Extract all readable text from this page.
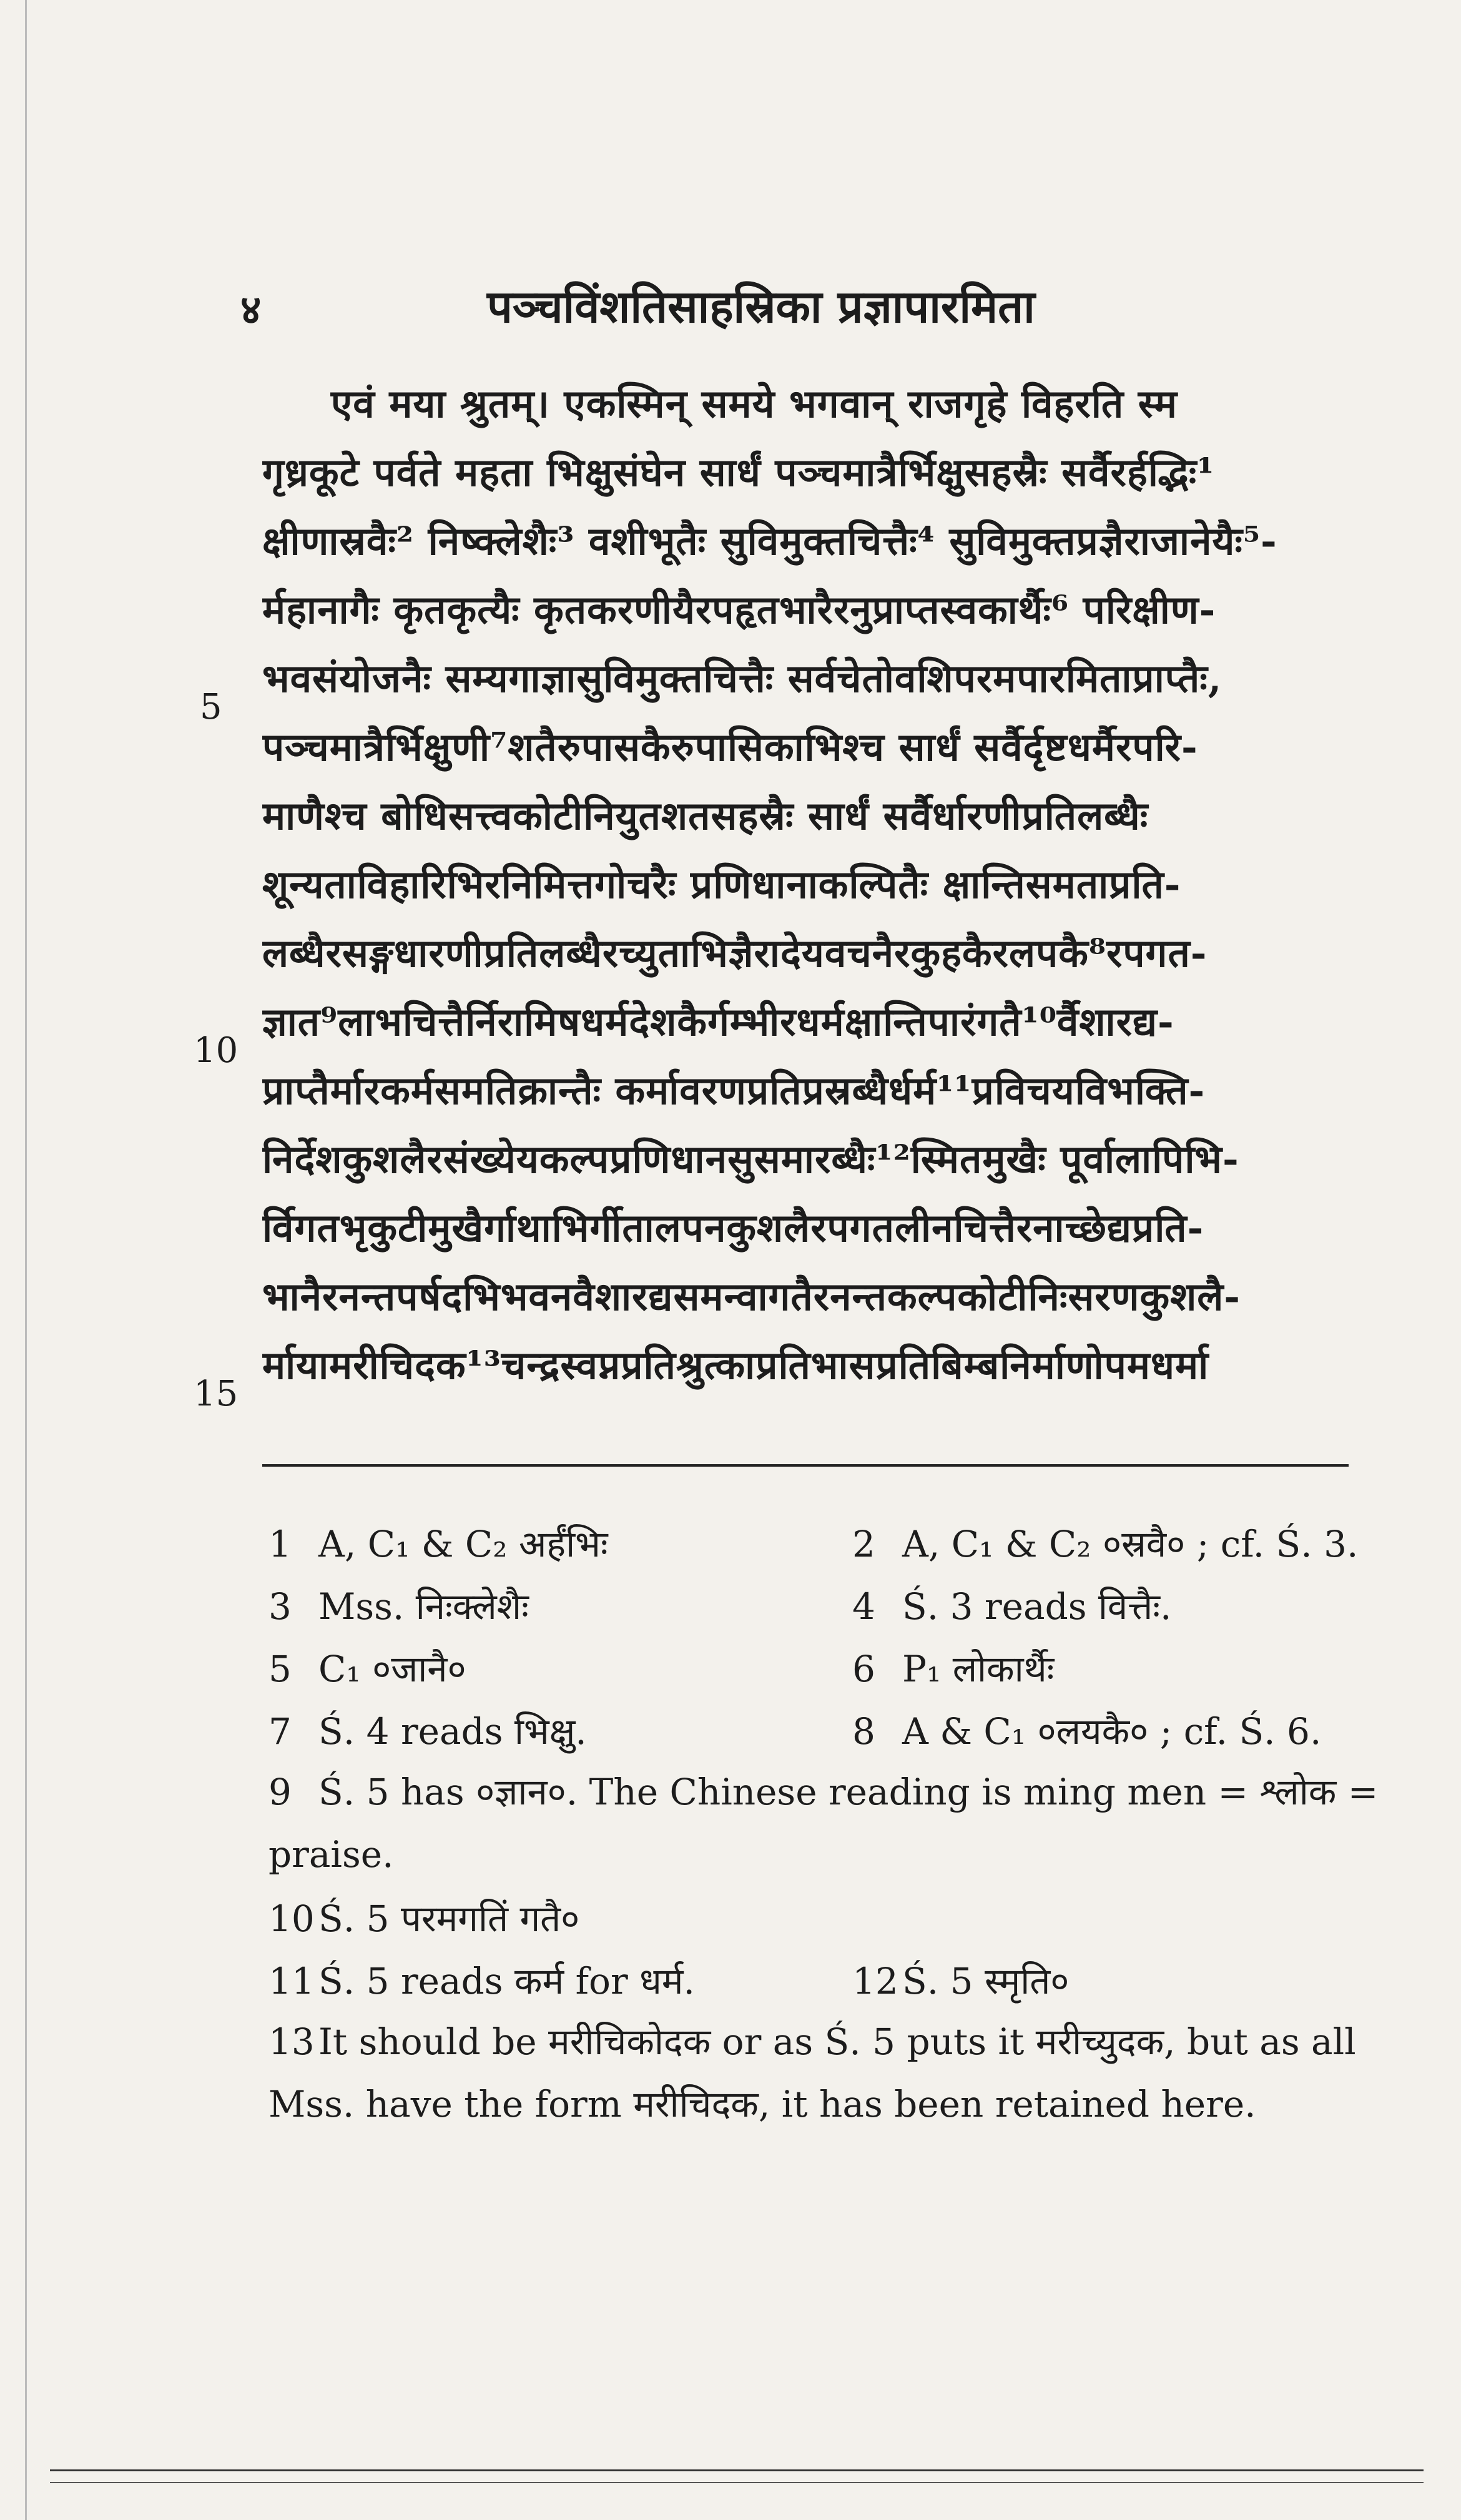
४	पञ्चविंशतिसाहस्रिका प्रज्ञापारमिता
एवं मया श्रुतम्। एकस्मिन् समये भगवान् राजगृहे विहरति स्म
गृध्रकूटे पर्वते महता भिक्षुसंघेन सार्धं पञ्चमात्रैर्भिक्षुसहस्रैः सर्वैरर्हद्भिः¹
क्षीणास्रवैः² निष्क्लेशैः³ वशीभूतैः सुविमुक्तचित्तैः⁴ सुविमुक्तप्रज्ञैराजानेयैः⁵-
र्महानागैः कृतकृत्यैः कृतकरणीयैरपहृतभारैरनुप्राप्तस्वकार्थैः⁶ परिक्षीण-
भवसंयोजनैः सम्यगाज्ञासुविमुक्तचित्तैः सर्वचेतोवशिपरमपारमिताप्राप्तैः,
पञ्चमात्रैर्भिक्षुणी⁷शतैरुपासकैरुपासिकाभिश्च सार्धं सर्वैर्दृष्टधर्मैरपरि-
माणैश्च बोधिसत्त्वकोटीनियुतशतसहस्रैः सार्धं सर्वैर्धारणीप्रतिलब्धैः
शून्यताविहारिभिरनिमित्तगोचरैः प्रणिधानाकल्पितैः क्षान्तिसमताप्रति-
लब्धैरसङ्गधारणीप्रतिलब्धैरच्युताभिज्ञैरादेयवचनैरकुहकैरलपकै⁸रपगत-
ज्ञात⁹लाभचित्तैर्निरामिषधर्मदेशकैर्गम्भीरधर्मक्षान्तिपारंगतै¹⁰र्वैशारद्य-
प्राप्तैर्मारकर्मसमतिक्रान्तैः कर्मावरणप्रतिप्रस्रब्धैर्धर्म¹¹प्रविचयविभक्ति-
निर्देशकुशलैरसंख्येयकल्पप्रणिधानसुसमारब्धैः¹²स्मितमुखैः पूर्वालापिभि-
र्विगतभृकुटीमुखैर्गाथाभिर्गीतालपनकुशलैरपगतलीनचित्तैरनाच्छेद्यप्रति-
भानैरनन्तपर्षदभिभवनवैशारद्यसमन्वागतैरनन्तकल्पकोटीनिःसरणकुशलै-
र्मायामरीचिदक¹³चन्द्रस्वप्नप्रतिश्रुत्काप्रतिभासप्रतिबिम्बनिर्माणोपमधर्मा
5
10
15
1 A, C₁ & C₂ अर्हंभिः	2 A, C₁ & C₂ ०स्रवै० ; cf. Ś. 3.
3 Mss. निःक्लेशैः	4 Ś. 3 reads वित्तैः.
5 C₁ ०जानै०	6 P₁ लोकार्थैः
7 Ś. 4 reads भिक्षु.	8 A & C₁ ०लयकै० ; cf. Ś. 6.
9 Ś. 5 has ०ज्ञान०. The Chinese reading is ming men = श्लोक = praise.
10 Ś. 5 परमगतिं गतै०
11 Ś. 5 reads कर्म for धर्म.	12 Ś. 5 स्मृति०
13 It should be मरीचिकोदक or as Ś. 5 puts it मरीच्युदक, but as all Mss. have the form मरीचिदक, it has been retained here.
